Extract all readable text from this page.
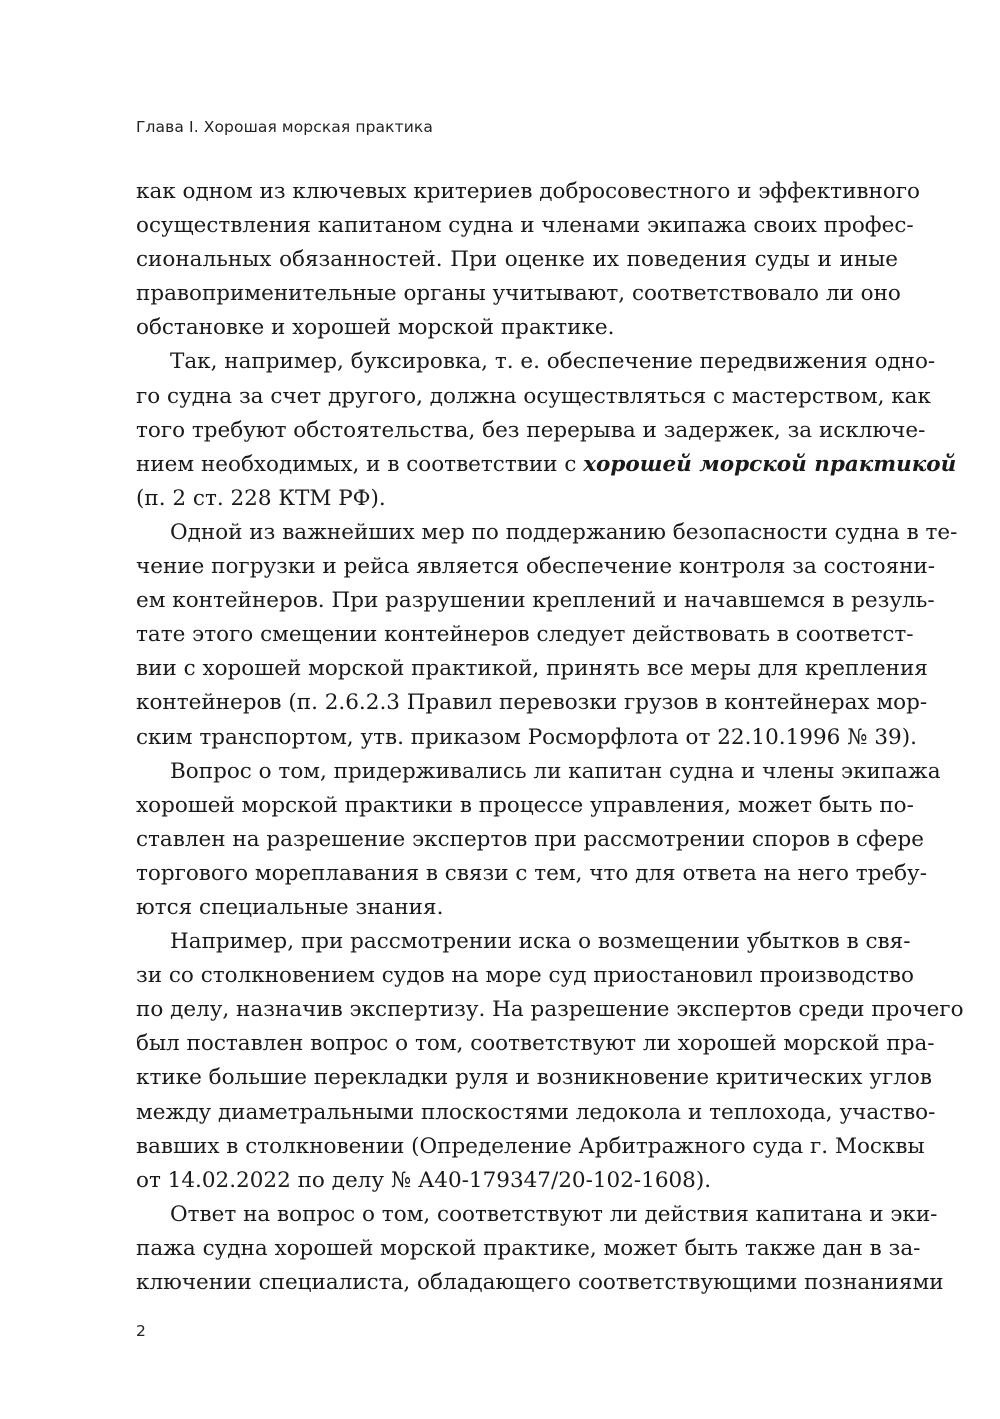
Глава I. Хорошая морская практика
как одном из ключевых критериев добросовестного и эффективного
осуществления капитаном судна и членами экипажа своих профес-
сиональных обязанностей. При оценке их поведения суды и иные
правоприменительные органы учитывают, соответствовало ли оно
обстановке и хорошей морской практике.
Так, например, буксировка, т. е. обеспечение передвижения одно-
го судна за счет другого, должна осуществляться с мастерством, как
того требуют обстоятельства, без перерыва и задержек, за исключе-
нием необходимых, и в соответствии с хорошей морской практикой
(п. 2 ст. 228 КТМ РФ).
Одной из важнейших мер по поддержанию безопасности судна в те-
чение погрузки и рейса является обеспечение контроля за состояни-
ем контейнеров. При разрушении креплений и начавшемся в резуль-
тате этого смещении контейнеров следует действовать в соответст-
вии с хорошей морской практикой, принять все меры для крепления
контейнеров (п. 2.6.2.3 Правил перевозки грузов в контейнерах мор-
ским транспортом, утв. приказом Росморфлота от 22.10.1996 № 39).
Вопрос о том, придерживались ли капитан судна и члены экипажа
хорошей морской практики в процессе управления, может быть по-
ставлен на разрешение экспертов при рассмотрении споров в сфере
торгового мореплавания в связи с тем, что для ответа на него требу-
ются специальные знания.
Например, при рассмотрении иска о возмещении убытков в свя-
зи со столкновением судов на море суд приостановил производство
по делу, назначив экспертизу. На разрешение экспертов среди прочего
был поставлен вопрос о том, соответствуют ли хорошей морской пра-
ктике большие перекладки руля и возникновение критических углов
между диаметральными плоскостями ледокола и теплохода, участво-
вавших в столкновении (Определение Арбитражного суда г. Москвы
от 14.02.2022 по делу № А40-179347/20-102-1608).
Ответ на вопрос о том, соответствуют ли действия капитана и эки-
пажа судна хорошей морской практике, может быть также дан в за-
ключении специалиста, обладающего соответствующими познаниями
2
